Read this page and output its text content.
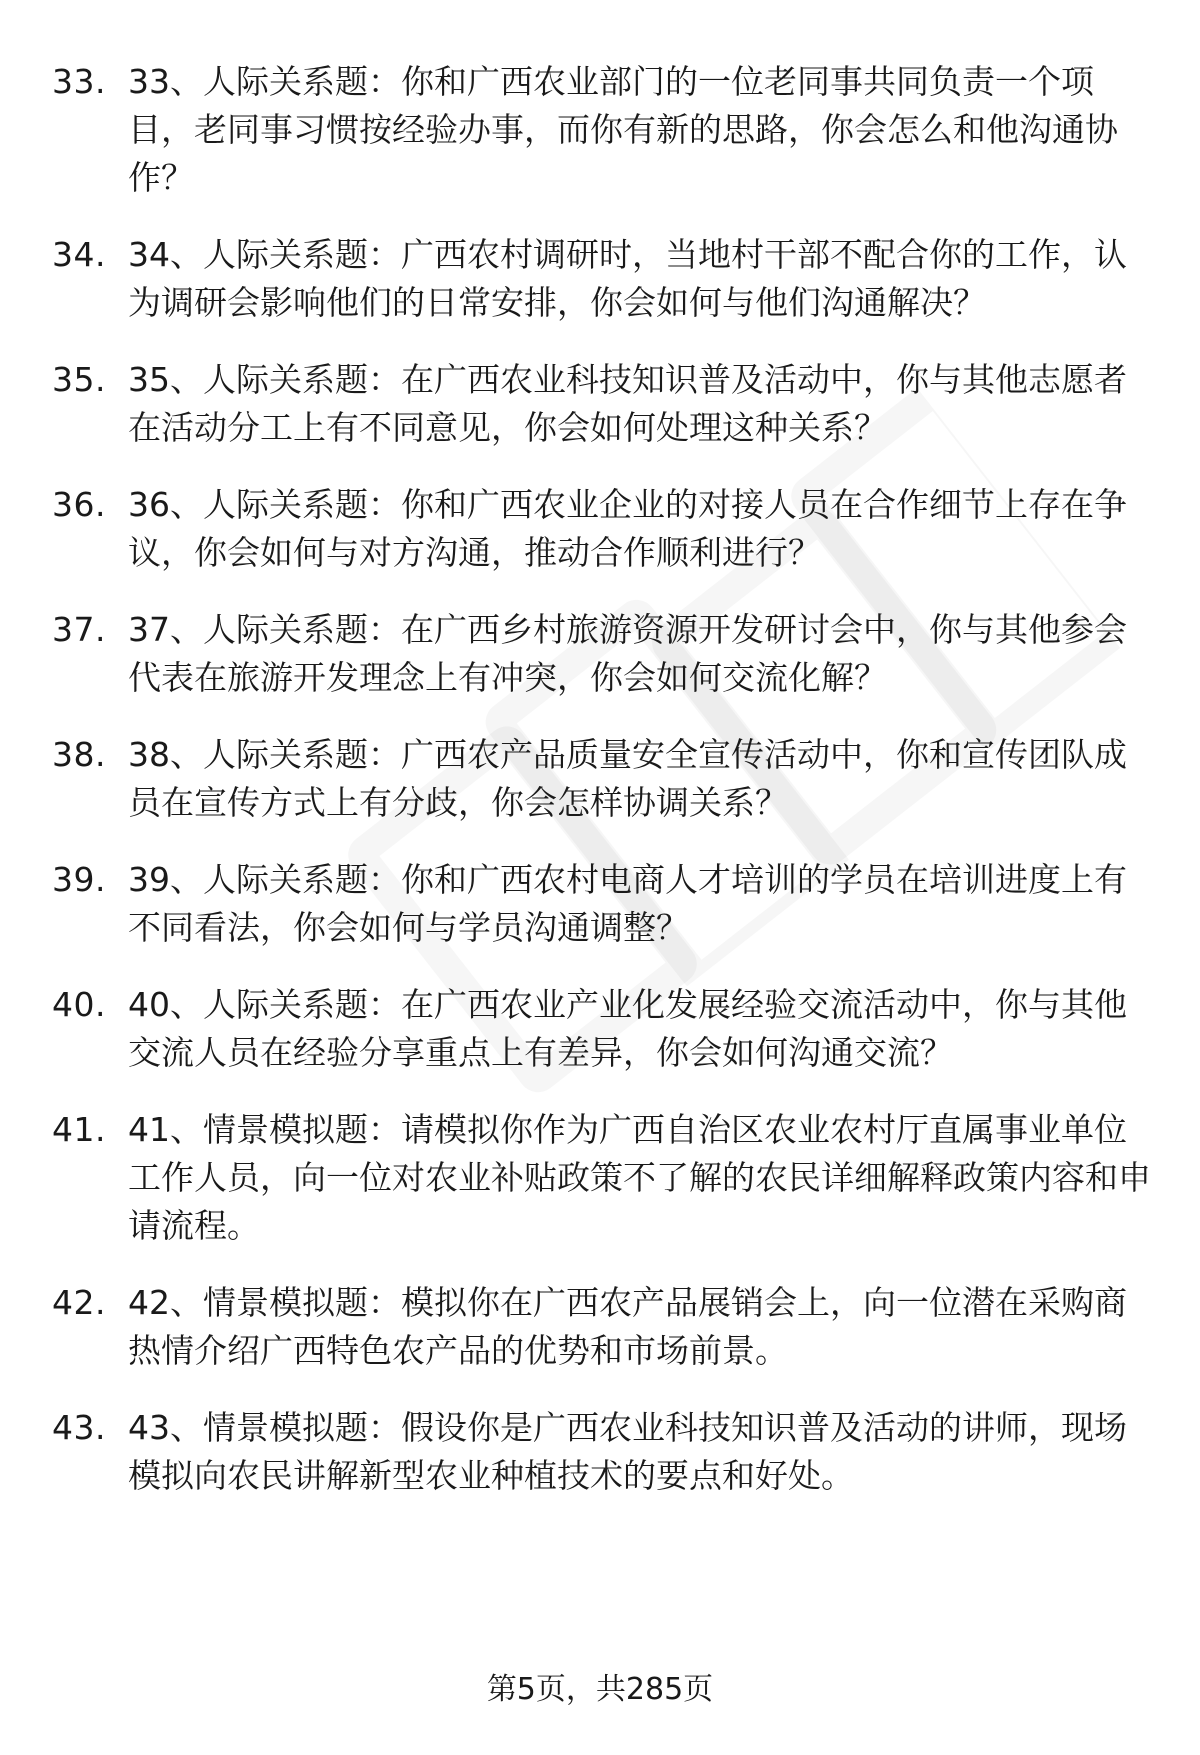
33. 33、人际关系题：你和广西农业部门的一位老同事共同负责一个项目，老同事习惯按经验办事，而你有新的思路，你会怎么和他沟通协作？
34. 34、人际关系题：广西农村调研时，当地村干部不配合你的工作，认为调研会影响他们的日常安排，你会如何与他们沟通解决？
35. 35、人际关系题：在广西农业科技知识普及活动中，你与其他志愿者在活动分工上有不同意见，你会如何处理这种关系？
36. 36、人际关系题：你和广西农业企业的对接人员在合作细节上存在争议，你会如何与对方沟通，推动合作顺利进行？
37. 37、人际关系题：在广西乡村旅游资源开发研讨会中，你与其他参会代表在旅游开发理念上有冲突，你会如何交流化解？
38. 38、人际关系题：广西农产品质量安全宣传活动中，你和宣传团队成员在宣传方式上有分歧，你会怎样协调关系？
39. 39、人际关系题：你和广西农村电商人才培训的学员在培训进度上有不同看法，你会如何与学员沟通调整？
40. 40、人际关系题：在广西农业产业化发展经验交流活动中，你与其他交流人员在经验分享重点上有差异，你会如何沟通交流？
41. 41、情景模拟题：请模拟你作为广西自治区农业农村厅直属事业单位工作人员，向一位对农业补贴政策不了解的农民详细解释政策内容和申请流程。
42. 42、情景模拟题：模拟你在广西农产品展销会上，向一位潜在采购商热情介绍广西特色农产品的优势和市场前景。
43. 43、情景模拟题：假设你是广西农业科技知识普及活动的讲师，现场模拟向农民讲解新型农业种植技术的要点和好处。
第5页，共285页
